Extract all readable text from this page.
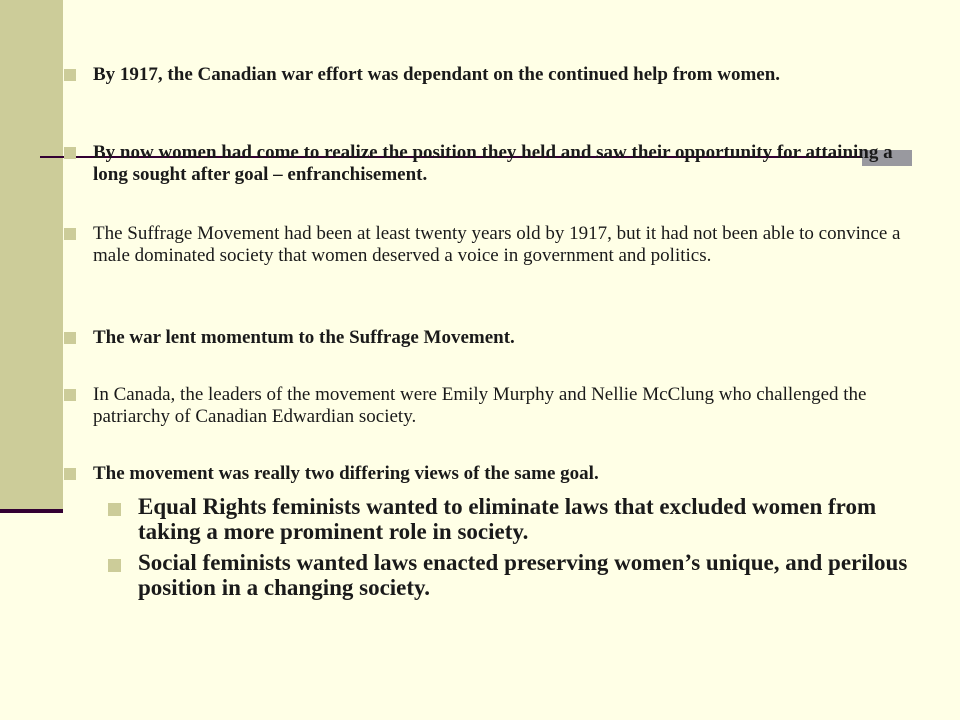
By 1917, the Canadian war effort was dependant on the continued help from women.
By now women had come to realize the position they held and saw their opportunity for attaining a long sought after goal – enfranchisement.
The Suffrage Movement had been at least twenty years old by 1917, but it had not been able to convince a male dominated society that women deserved a voice in government and politics.
The war lent momentum to the Suffrage Movement.
In Canada, the leaders of the movement were Emily Murphy and Nellie McClung who challenged the patriarchy of Canadian Edwardian society.
The movement was really two differing views of the same goal.
Equal Rights feminists wanted to eliminate laws that excluded women from taking a more prominent role in society.
Social feminists wanted laws enacted preserving women’s unique, and perilous position in a changing society.
